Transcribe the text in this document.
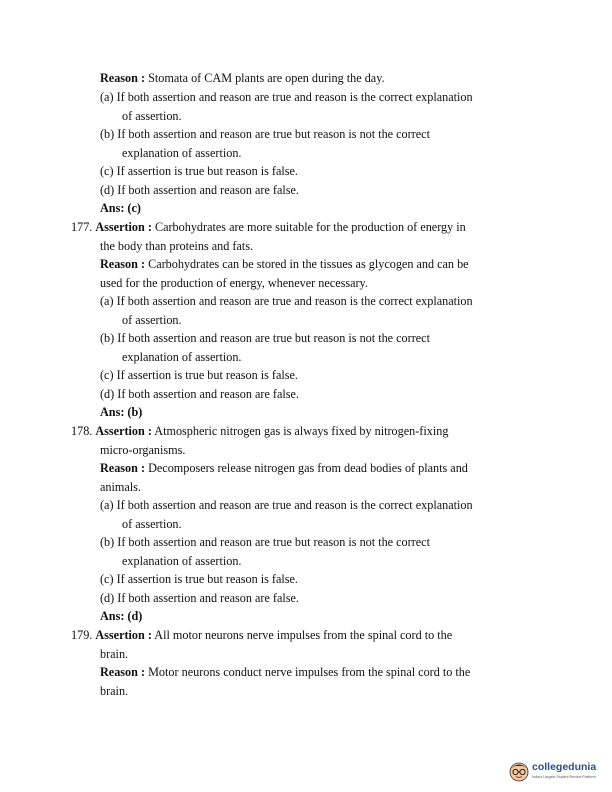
Reason : Stomata of CAM plants are open during the day.
(a) If both assertion and reason are true and reason is the correct explanation
of assertion.
(b) If both assertion and reason are true but reason is not the correct
explanation of assertion.
(c) If assertion is true but reason is false.
(d) If both assertion and reason are false.
Ans: (c)
177. Assertion : Carbohydrates are more suitable for the production of energy in
the body than proteins and fats.
Reason : Carbohydrates can be stored in the tissues as glycogen and can be
used for the production of energy, whenever necessary.
(a) If both assertion and reason are true and reason is the correct explanation
of assertion.
(b) If both assertion and reason are true but reason is not the correct
explanation of assertion.
(c) If assertion is true but reason is false.
(d) If both assertion and reason are false.
Ans: (b)
178. Assertion : Atmospheric nitrogen gas is always fixed by nitrogen-fixing
micro-organisms.
Reason : Decomposers release nitrogen gas from dead bodies of plants and
animals.
(a) If both assertion and reason are true and reason is the correct explanation
of assertion.
(b) If both assertion and reason are true but reason is not the correct
explanation of assertion.
(c) If assertion is true but reason is false.
(d) If both assertion and reason are false.
Ans: (d)
179. Assertion : All motor neurons nerve impulses from the spinal cord to the
brain.
Reason : Motor neurons conduct nerve impulses from the spinal cord to the
brain.
collegedunia
India's Largest Student Review Platform
